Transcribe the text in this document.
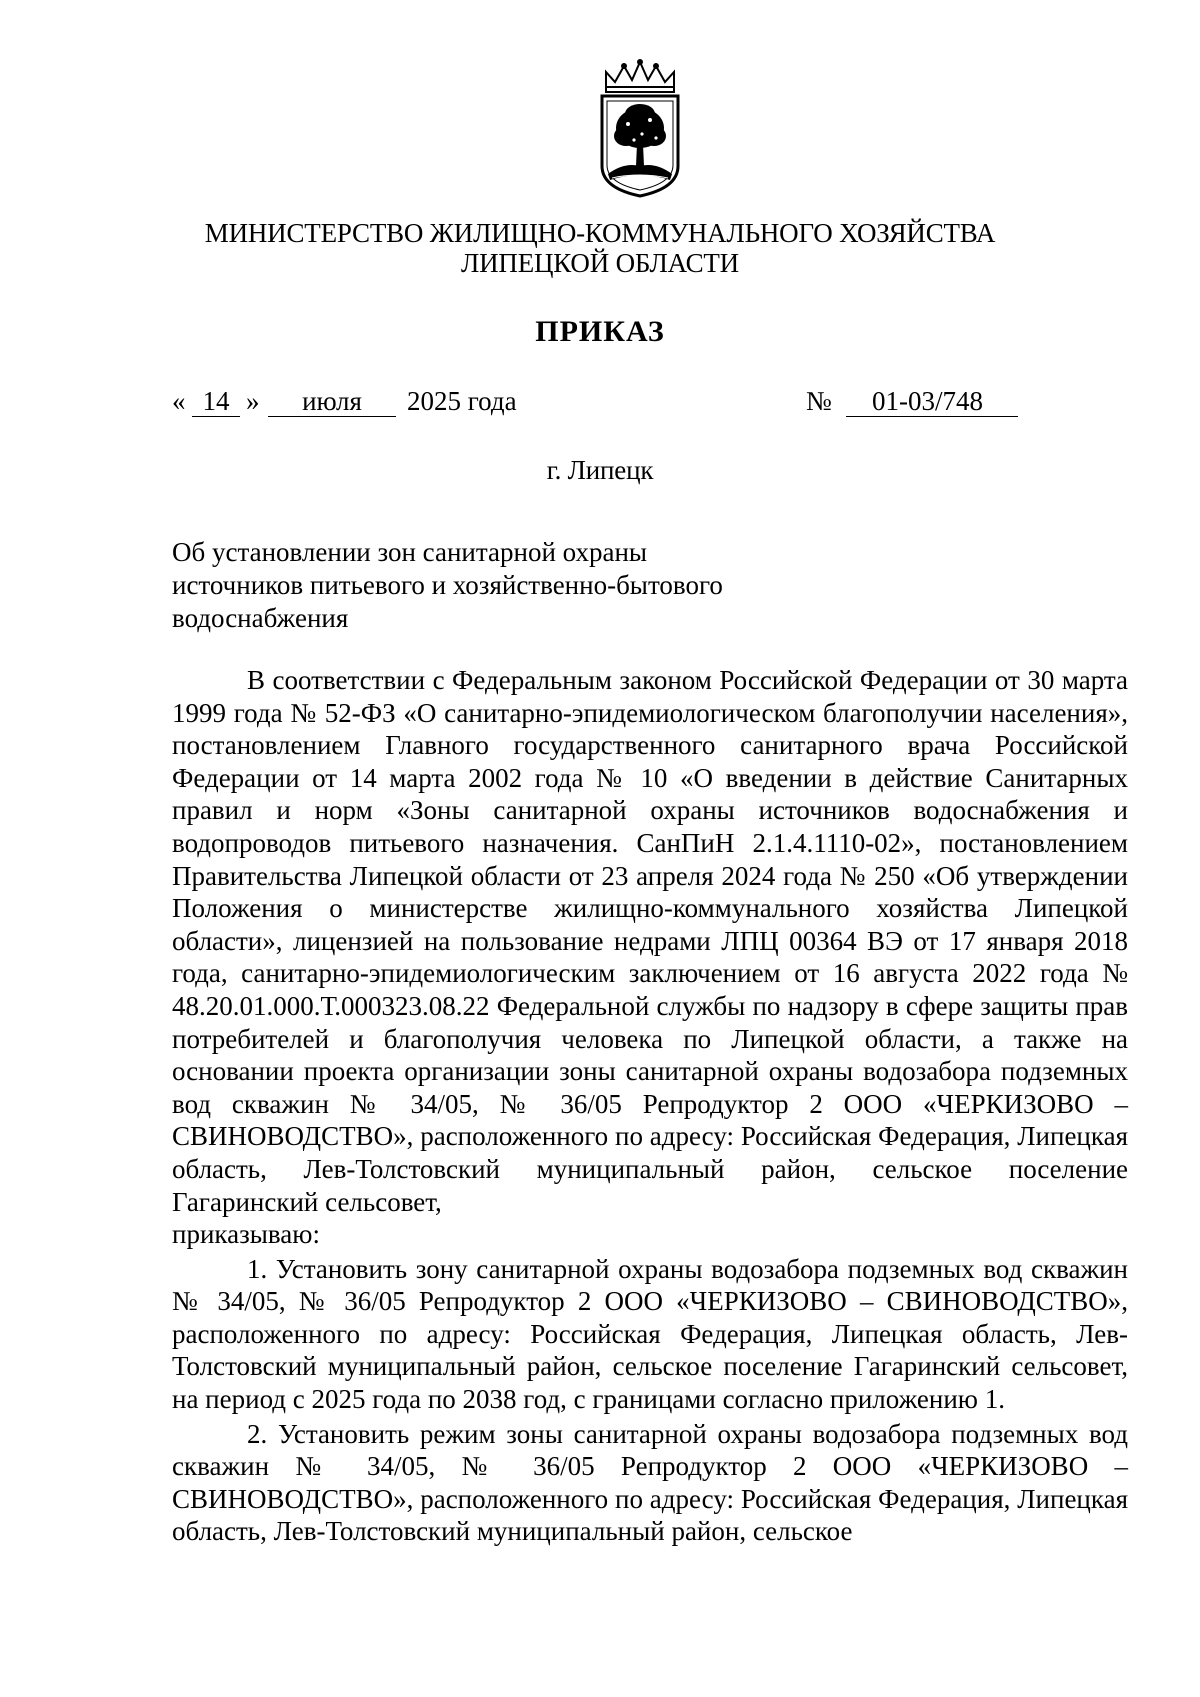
МИНИСТЕРСТВО ЖИЛИЩНО-КОММУНАЛЬНОГО ХОЗЯЙСТВА
ЛИПЕЦКОЙ ОБЛАСТИ
ПРИКАЗ
« 14 »	июля	2025 года	№	01-03/748
г. Липецк
Об установлении зон санитарной охраны
источников питьевого и хозяйственно-бытового
водоснабжения

В соответствии с Федеральным законом Российской Федерации от 30 марта 1999 года № 52-ФЗ «О санитарно-эпидемиологическом благополучии населения», постановлением Главного государственного санитарного врача Российской Федерации от 14 марта 2002 года № 10 «О введении в действие Санитарных правил и норм «Зоны санитарной охраны источников водоснабжения и водопроводов питьевого назначения. СанПиН 2.1.4.1110-02», постановлением Правительства Липецкой области от 23 апреля 2024 года № 250 «Об утверждении Положения о министерстве жилищно-коммунального хозяйства Липецкой области», лицензией на пользование недрами ЛПЦ 00364 ВЭ от 17 января 2018 года, санитарно-эпидемиологическим заключением от 16 августа 2022 года № 48.20.01.000.Т.000323.08.22 Федеральной службы по надзору в сфере защиты прав потребителей и благополучия человека по Липецкой области, а также на основании проекта организации зоны санитарной охраны водозабора подземных вод скважин № 34/05, № 36/05 Репродуктор 2 ООО «ЧЕРКИЗОВО – СВИНОВОДСТВО», расположенного по адресу: Российская Федерация, Липецкая область, Лев-Толстовский муниципальный район, сельское поселение Гагаринский сельсовет,

приказываю:

1. Установить зону санитарной охраны водозабора подземных вод скважин № 34/05, № 36/05 Репродуктор 2 ООО «ЧЕРКИЗОВО – СВИНОВОДСТВО», расположенного по адресу: Российская Федерация, Липецкая область, Лев-Толстовский муниципальный район, сельское поселение Гагаринский сельсовет, на период с 2025 года по 2038 год, с границами согласно приложению 1.

2. Установить режим зоны санитарной охраны водозабора подземных вод скважин № 34/05, № 36/05 Репродуктор 2 ООО «ЧЕРКИЗОВО – СВИНОВОДСТВО», расположенного по адресу: Российская Федерация, Липецкая область, Лев-Толстовский муниципальный район, сельское
